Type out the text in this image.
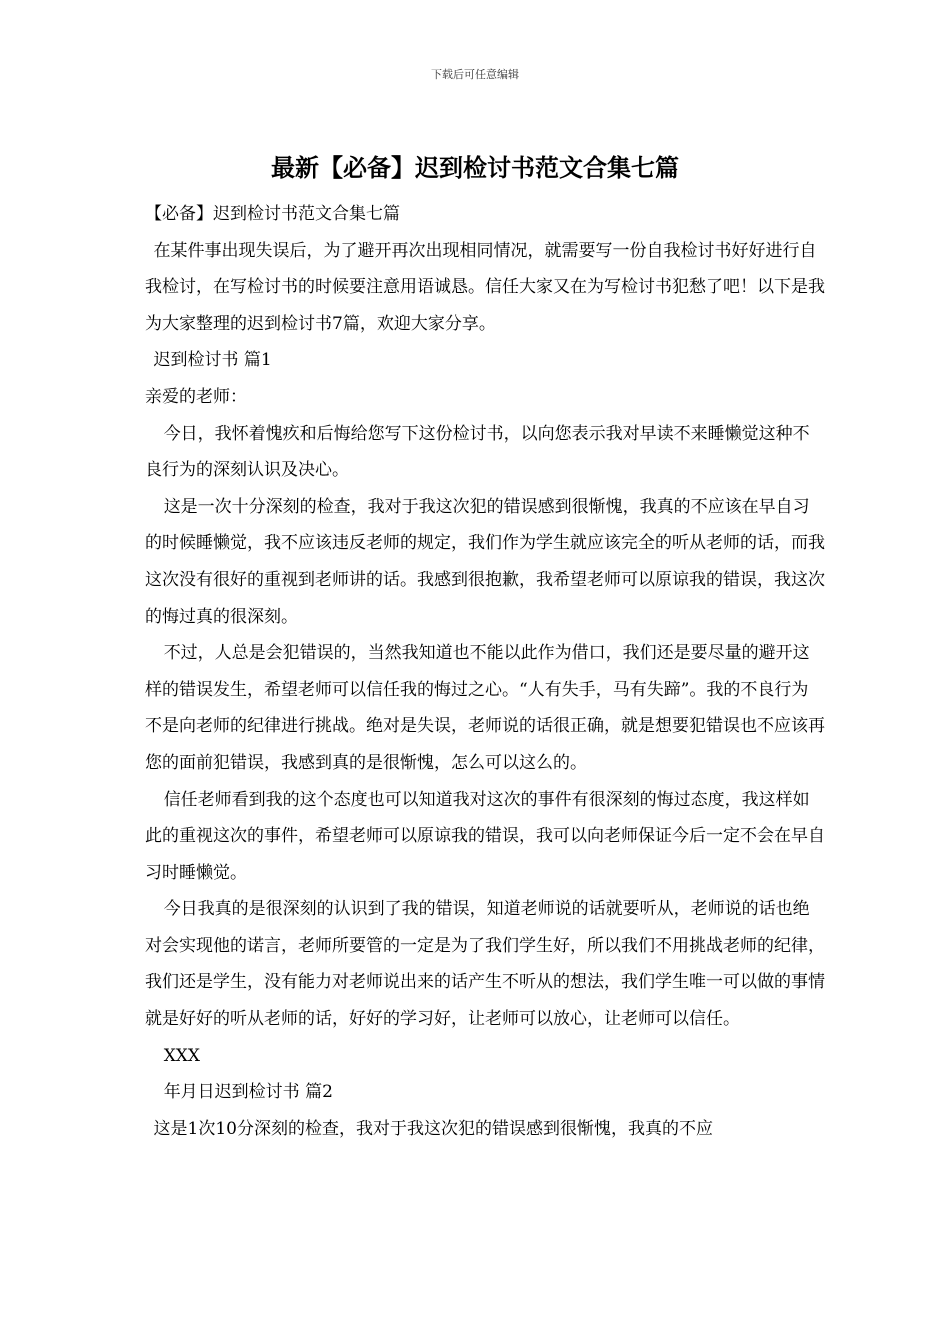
下载后可任意编辑
最新【必备】迟到检讨书范文合集七篇

【必备】迟到检讨书范文合集七篇

在某件事出现失误后，为了避开再次出现相同情况，就需要写一份自我检讨书好好进行自我检讨，在写检讨书的时候要注意用语诚恳。信任大家又在为写检讨书犯愁了吧！以下是我为大家整理的迟到检讨书7篇，欢迎大家分享。

迟到检讨书 篇1

亲爱的老师：

今日，我怀着愧疚和后悔给您写下这份检讨书，以向您表示我对早读不来睡懒觉这种不良行为的深刻认识及决心。

这是一次十分深刻的检查，我对于我这次犯的错误感到很惭愧，我真的不应该在早自习的时候睡懒觉，我不应该违反老师的规定，我们作为学生就应该完全的听从老师的话，而我这次没有很好的重视到老师讲的话。我感到很抱歉，我希望老师可以原谅我的错误，我这次的悔过真的很深刻。

不过，人总是会犯错误的，当然我知道也不能以此作为借口，我们还是要尽量的避开这样的错误发生，希望老师可以信任我的悔过之心。“人有失手，马有失蹄”。我的不良行为不是向老师的纪律进行挑战。绝对是失误，老师说的话很正确，就是想要犯错误也不应该再您的面前犯错误，我感到真的是很惭愧，怎么可以这么的。

信任老师看到我的这个态度也可以知道我对这次的事件有很深刻的悔过态度，我这样如此的重视这次的事件，希望老师可以原谅我的错误，我可以向老师保证今后一定不会在早自习时睡懒觉。

今日我真的是很深刻的认识到了我的错误，知道老师说的话就要听从，老师说的话也绝对会实现他的诺言，老师所要管的一定是为了我们学生好，所以我们不用挑战老师的纪律，我们还是学生，没有能力对老师说出来的话产生不听从的想法，我们学生唯一可以做的事情就是好好的听从老师的话，好好的学习好，让老师可以放心，让老师可以信任。

XXX

年月日迟到检讨书 篇2

这是1次10分深刻的检查，我对于我这次犯的错误感到很惭愧，我真的不应
